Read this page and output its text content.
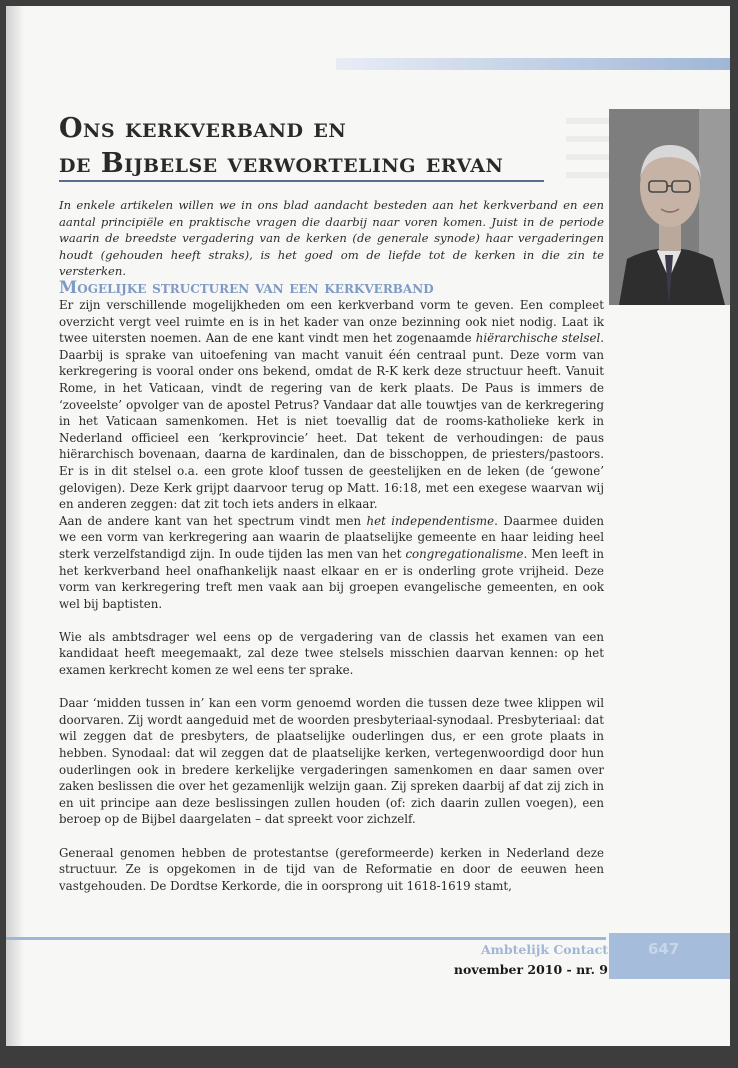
Ons kerkverband en
de Bijbelse verworteling ervan
In enkele artikelen willen we in ons blad aandacht besteden aan het kerkverband en een aantal principiële en praktische vragen die daarbij naar voren komen. Juist in de periode waarin de breedste vergadering van de kerken (de generale synode) haar vergaderingen houdt (gehouden heeft straks), is het goed om de liefde tot de kerken in die zin te versterken.
Mogelijke structuren van een kerkverband

Er zijn verschillende mogelijkheden om een kerkverband vorm te geven. Een compleet overzicht vergt veel ruimte en is in het kader van onze bezinning ook niet nodig. Laat ik twee uitersten noemen. Aan de ene kant vindt men het zogenaamde hiërarchische stelsel. Daarbij is sprake van uitoefening van macht vanuit één centraal punt. Deze vorm van kerkregering is vooral onder ons bekend, omdat de R-K kerk deze structuur heeft. Vanuit Rome, in het Vaticaan, vindt de regering van de kerk plaats. De Paus is immers de ‘zoveelste’ opvolger van de apostel Petrus? Vandaar dat alle touwtjes van de kerkregering in het Vaticaan samenkomen. Het is niet toevallig dat de rooms-katholieke kerk in Nederland officieel een ‘kerkprovincie’ heet. Dat tekent de verhoudingen: de paus hiërarchisch bovenaan, daarna de kardinalen, dan de bisschoppen, de priesters/pastoors. Er is in dit stelsel o.a. een grote kloof tussen de geestelijken en de leken (de ‘gewone’ gelovigen). Deze Kerk grijpt daarvoor terug op Matt. 16:18, met een exegese waarvan wij en anderen zeggen: dat zit toch iets anders in elkaar.

Aan de andere kant van het spectrum vindt men het independentisme. Daarmee duiden we een vorm van kerkregering aan waarin de plaatselijke gemeente en haar leiding heel sterk verzelfstandigd zijn. In oude tijden las men van het congregationalisme. Men leeft in het kerkverband heel onafhankelijk naast elkaar en er is onderling grote vrijheid. Deze vorm van kerkregering treft men vaak aan bij groepen evangelische gemeenten, en ook wel bij baptisten.

Wie als ambtsdrager wel eens op de vergadering van de classis het examen van een kandidaat heeft meegemaakt, zal deze twee stelsels misschien daarvan kennen: op het examen kerkrecht komen ze wel eens ter sprake.

Daar ‘midden tussen in’ kan een vorm genoemd worden die tussen deze twee klippen wil doorvaren. Zij wordt aangeduid met de woorden presbyteriaal-synodaal. Presbyteriaal: dat wil zeggen dat de presbyters, de plaatselijke ouderlingen dus, er een grote plaats in hebben. Synodaal: dat wil zeggen dat de plaatselijke kerken, vertegenwoordigd door hun ouderlingen ook in bredere kerkelijke vergaderingen samenkomen en daar samen over zaken beslissen die over het gezamenlijk welzijn gaan. Zij spreken daarbij af dat zij zich in en uit principe aan deze beslissingen zullen houden (of: zich daarin zullen voegen), een beroep op de Bijbel daargelaten – dat spreekt voor zichzelf.

Generaal genomen hebben de protestantse (gereformeerde) kerken in Nederland deze structuur. Ze is opgekomen in de tijd van de Reformatie en door de eeuwen heen vastgehouden. De Dordtse Kerkorde, die in oorsprong uit 1618-1619 stamt,

Ambtelijk Contact
november 2010 - nr. 9
647
